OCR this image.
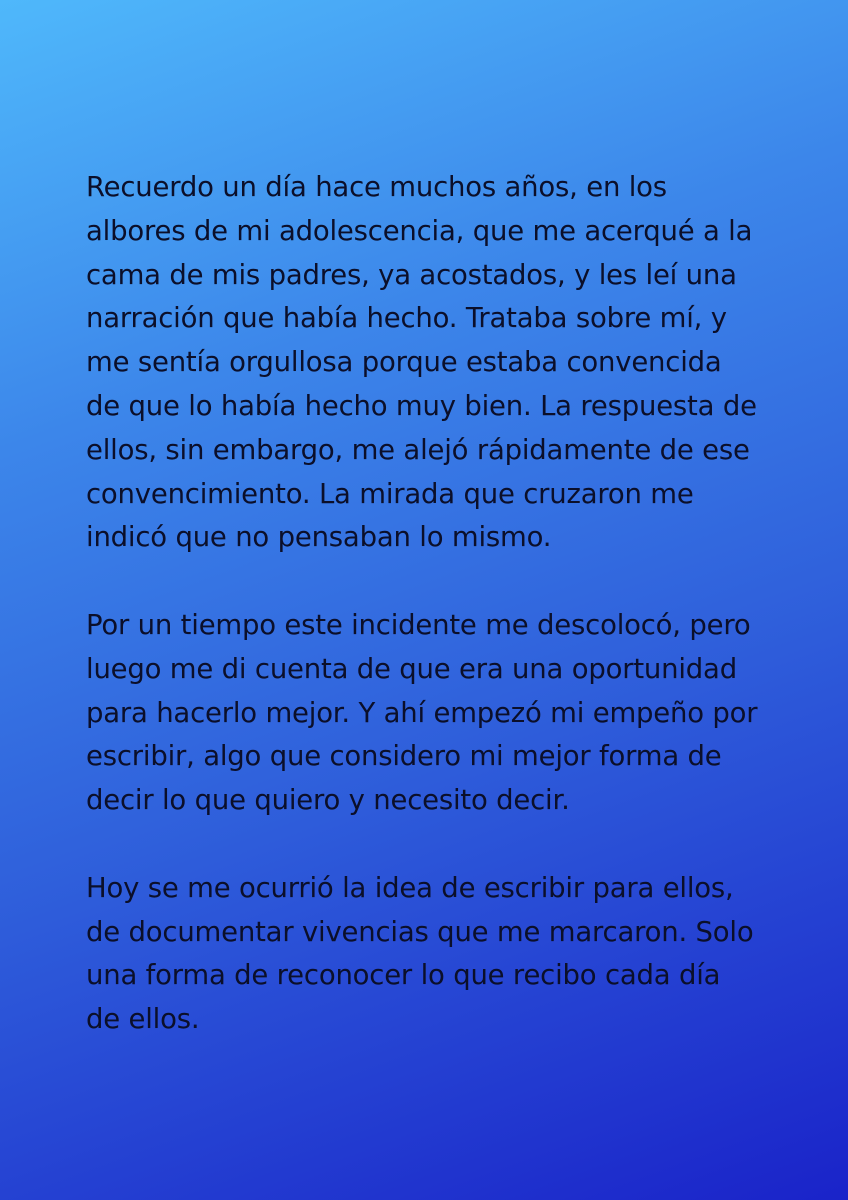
Recuerdo un día hace muchos años, en los
albores de mi adolescencia, que me acerqué a la
cama de mis padres, ya acostados, y les leí una
narración que había hecho. Trataba sobre mí, y
me sentía orgullosa porque estaba convencida
de que lo había hecho muy bien. La respuesta de
ellos, sin embargo, me alejó rápidamente de ese
convencimiento. La mirada que cruzaron me
indicó que no pensaban lo mismo.

Por un tiempo este incidente me descolocó, pero
luego me di cuenta de que era una oportunidad
para hacerlo mejor. Y ahí empezó mi empeño por
escribir, algo que considero mi mejor forma de
decir lo que quiero y necesito decir.

Hoy se me ocurrió la idea de escribir para ellos,
de documentar vivencias que me marcaron. Solo
una forma de reconocer lo que recibo cada día
de ellos.
